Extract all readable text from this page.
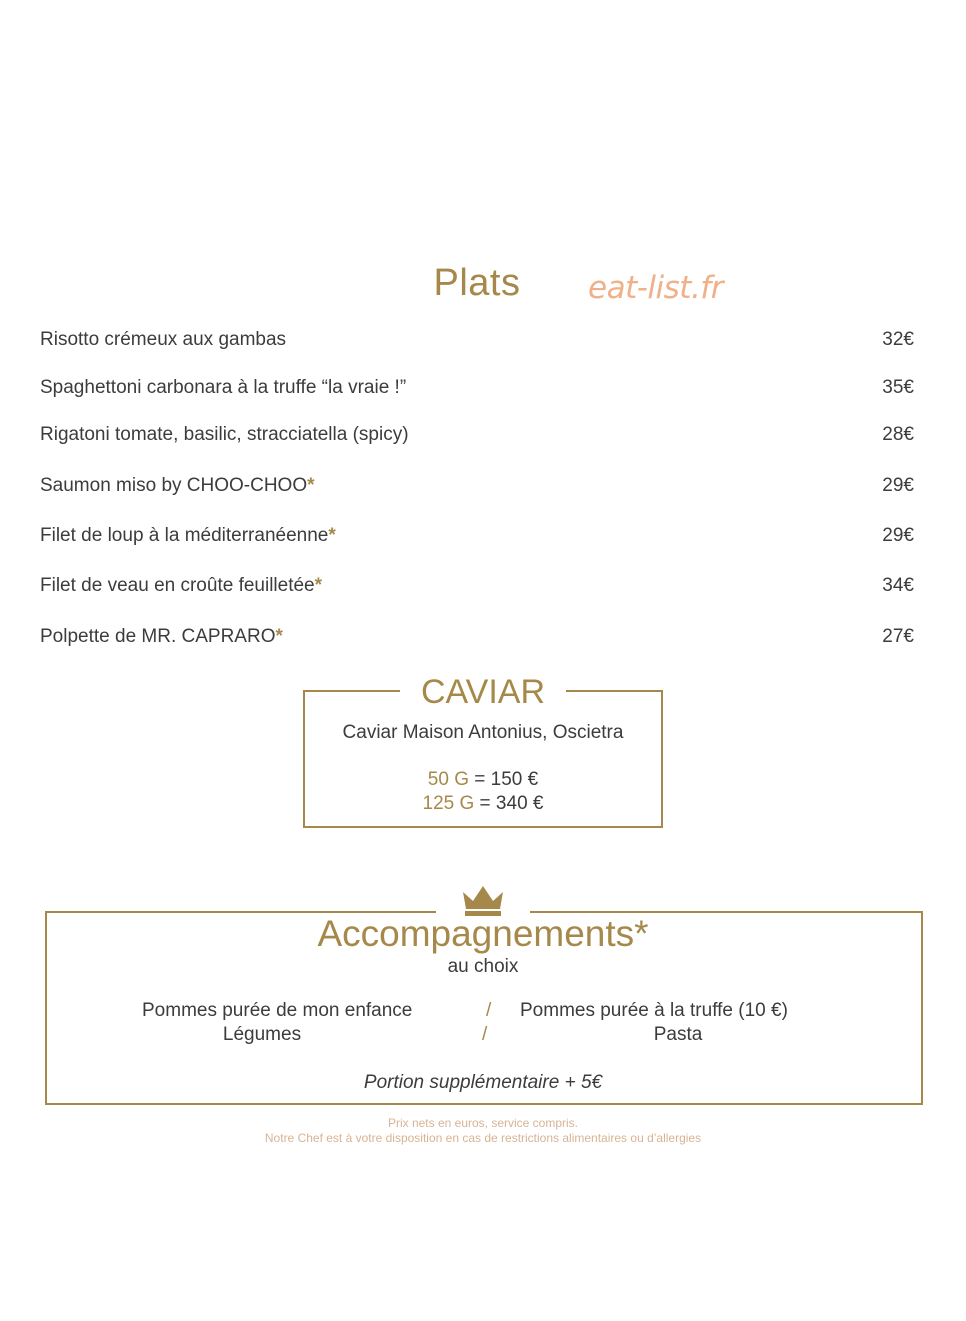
Plats	eat-list.fr
Risotto crémeux aux gambas	32€
Spaghettoni carbonara à la truffe “la vraie !”	35€
Rigatoni tomate, basilic, stracciatella (spicy)	28€
Saumon miso by CHOO-CHOO*	29€
Filet de loup à la méditerranéenne*	29€
Filet de veau en croûte feuilletée*	34€
Polpette de MR. CAPRARO*	27€
CAVIAR
Caviar Maison Antonius, Oscietra
50 G = 150 €
125 G = 340 €
Accompagnements*
au choix
Pommes purée de mon enfance	/ Pommes purée à la truffe (10 €)
Légumes	/	Pasta
Portion supplémentaire + 5€
Prix nets en euros, service compris.
Notre Chef est à votre disposition en cas de restrictions alimentaires ou d’allergies
